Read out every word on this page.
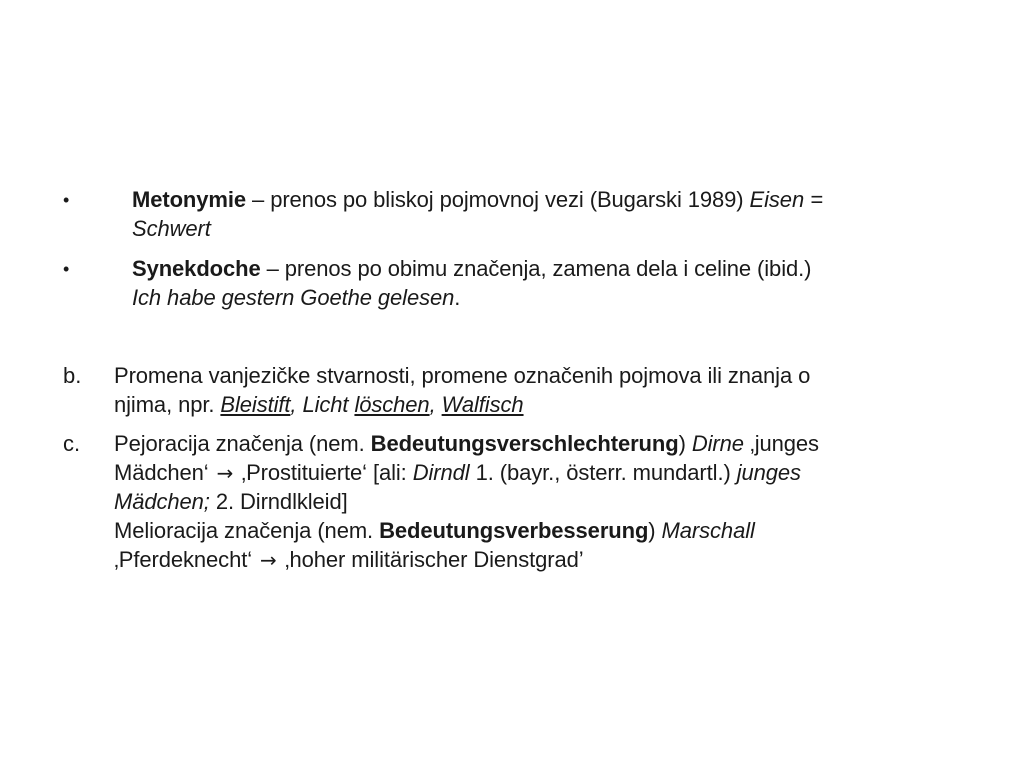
•	Metonymie – prenos po bliskoj pojmovnoj vezi (Bugarski 1989) Eisen =
Schwert
•	Synekdoche – prenos po obimu značenja, zamena dela i celine (ibid.)
Ich habe gestern Goethe gelesen.
b. Promena vanjezičke stvarnosti, promene označenih pojmova ili znanja o
njima, npr. Bleistift, Licht löschen, Walfisch
c. Pejoracija značenja (nem. Bedeutungsverschlechterung) Dirne ‚junges
Mädchen‘ → ‚Prostituierte‘ [ali: Dirndl 1. (bayr., österr. mundartl.) junges
Mädchen; 2. Dirndlkleid]
Melioracija značenja (nem. Bedeutungsverbesserung) Marschall
‚Pferdeknecht‘ → ‚hoher militärischer Dienstgrad’
